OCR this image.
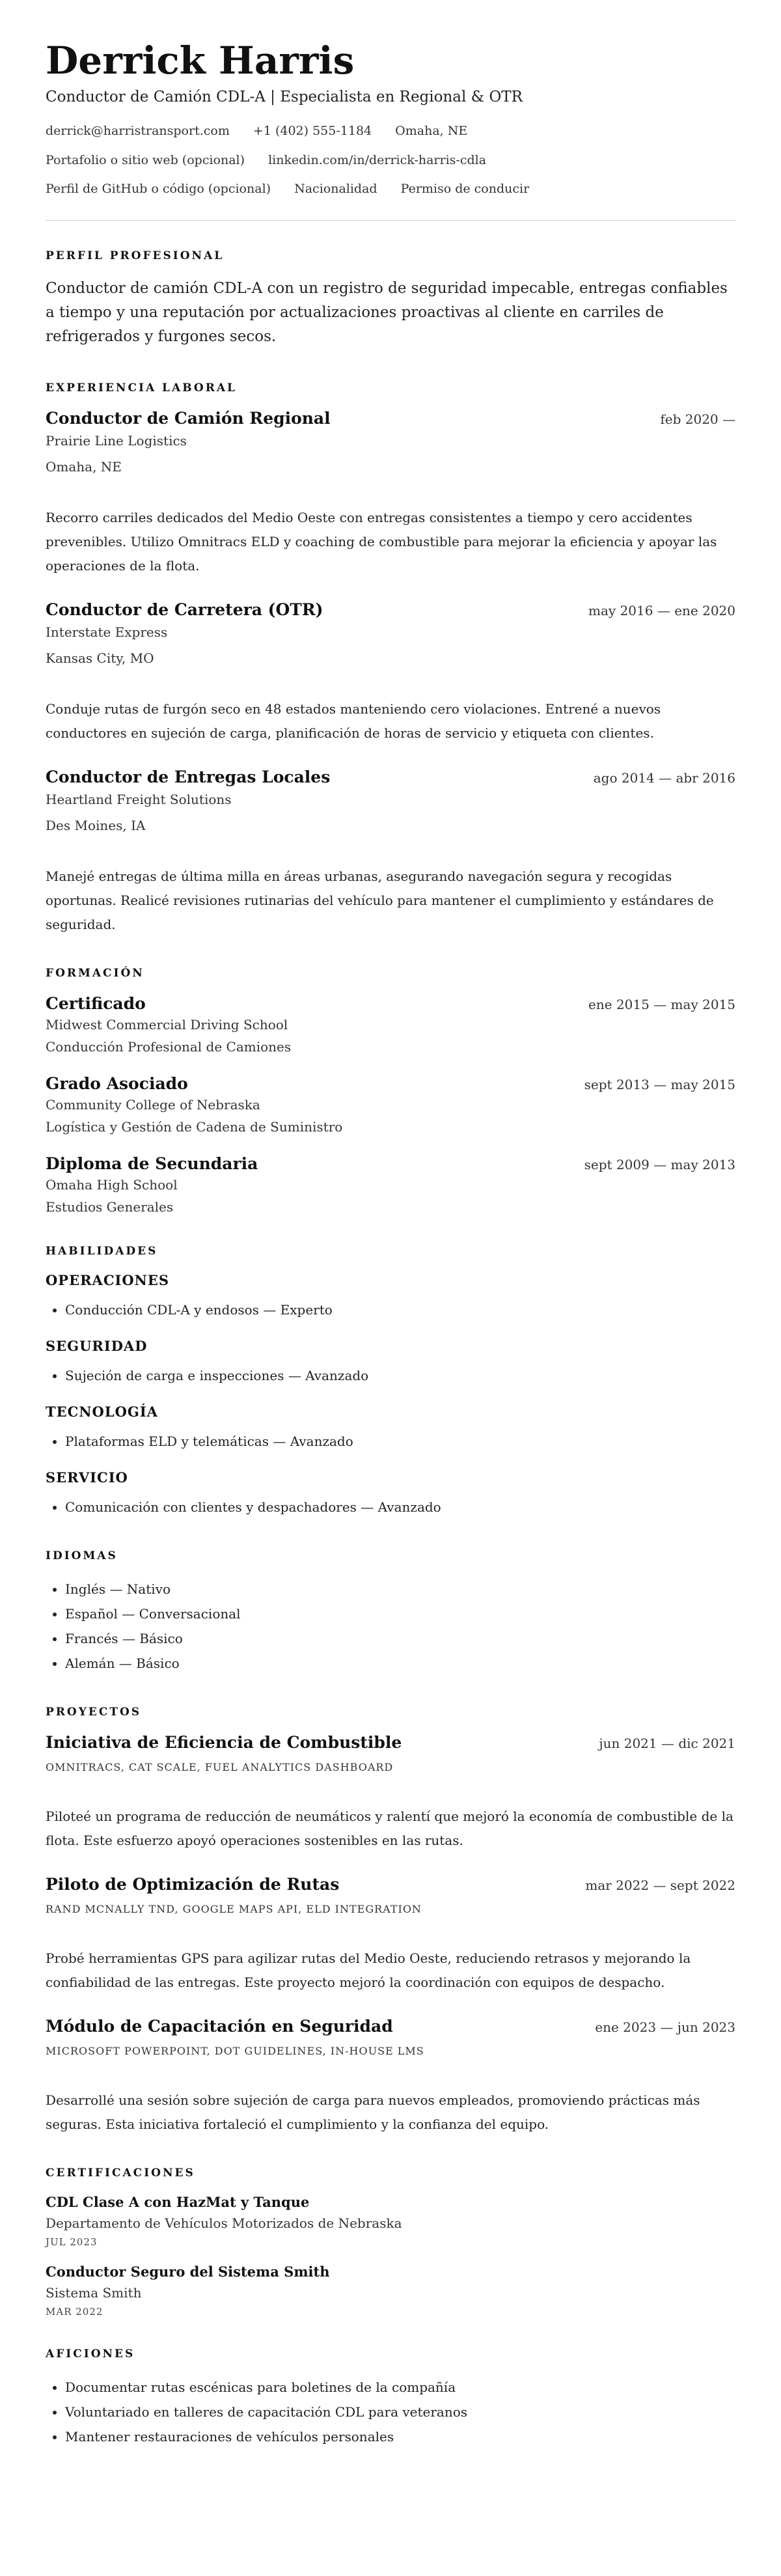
Derrick Harris
Conductor de Camión CDL-A | Especialista en Regional & OTR
derrick@harristransport.com +1 (402) 555-1184 Omaha, NE
Portafolio o sitio web (opcional) linkedin.com/in/derrick-harris-cdla
Perfil de GitHub o código (opcional) Nacionalidad Permiso de conducir
PERFIL PROFESIONAL

Conductor de camión CDL-A con un registro de seguridad impecable, entregas confiables a tiempo y una reputación por actualizaciones proactivas al cliente en carriles de refrigerados y furgones secos.

EXPERIENCIA LABORAL
Conductor de Camión Regional	feb 2020 —
Prairie Line Logistics
Omaha, NE
Recorro carriles dedicados del Medio Oeste con entregas consistentes a tiempo y cero accidentes prevenibles. Utilizo Omnitracs ELD y coaching de combustible para mejorar la eficiencia y apoyar las operaciones de la flota.
Conductor de Carretera (OTR)	may 2016 — ene 2020
Interstate Express
Kansas City, MO
Conduje rutas de furgón seco en 48 estados manteniendo cero violaciones. Entrené a nuevos conductores en sujeción de carga, planificación de horas de servicio y etiqueta con clientes.
Conductor de Entregas Locales	ago 2014 — abr 2016
Heartland Freight Solutions
Des Moines, IA
Manejé entregas de última milla en áreas urbanas, asegurando navegación segura y recogidas oportunas. Realicé revisiones rutinarias del vehículo para mantener el cumplimiento y estándares de seguridad.
FORMACIÓN
Certificado	ene 2015 — may 2015
Midwest Commercial Driving School
Conducción Profesional de Camiones
Grado Asociado	sept 2013 — may 2015
Community College of Nebraska
Logística y Gestión de Cadena de Suministro
Diploma de Secundaria	sept 2009 — may 2013
Omaha High School
Estudios Generales
HABILIDADES
OPERACIONES
• Conducción CDL-A y endosos — Experto
SEGURIDAD
• Sujeción de carga e inspecciones — Avanzado
TECNOLOGÍA
• Plataformas ELD y telemáticas — Avanzado
SERVICIO
• Comunicación con clientes y despachadores — Avanzado
IDIOMAS
• Inglés — Nativo
• Español — Conversacional
• Francés — Básico
• Alemán — Básico
PROYECTOS
Iniciativa de Eficiencia de Combustible	jun 2021 — dic 2021
OMNITRACS, CAT SCALE, FUEL ANALYTICS DASHBOARD
Piloteé un programa de reducción de neumáticos y ralentí que mejoró la economía de combustible de la flota. Este esfuerzo apoyó operaciones sostenibles en las rutas.
Piloto de Optimización de Rutas	mar 2022 — sept 2022
RAND MCNALLY TND, GOOGLE MAPS API, ELD INTEGRATION
Probé herramientas GPS para agilizar rutas del Medio Oeste, reduciendo retrasos y mejorando la confiabilidad de las entregas. Este proyecto mejoró la coordinación con equipos de despacho.
Módulo de Capacitación en Seguridad	ene 2023 — jun 2023
MICROSOFT POWERPOINT, DOT GUIDELINES, IN-HOUSE LMS
Desarrollé una sesión sobre sujeción de carga para nuevos empleados, promoviendo prácticas más seguras. Esta iniciativa fortaleció el cumplimiento y la confianza del equipo.
CERTIFICACIONES
CDL Clase A con HazMat y Tanque
Departamento de Vehículos Motorizados de Nebraska
JUL 2023
Conductor Seguro del Sistema Smith
Sistema Smith
MAR 2022
AFICIONES
• Documentar rutas escénicas para boletines de la compañía
• Voluntariado en talleres de capacitación CDL para veteranos
• Mantener restauraciones de vehículos personales
